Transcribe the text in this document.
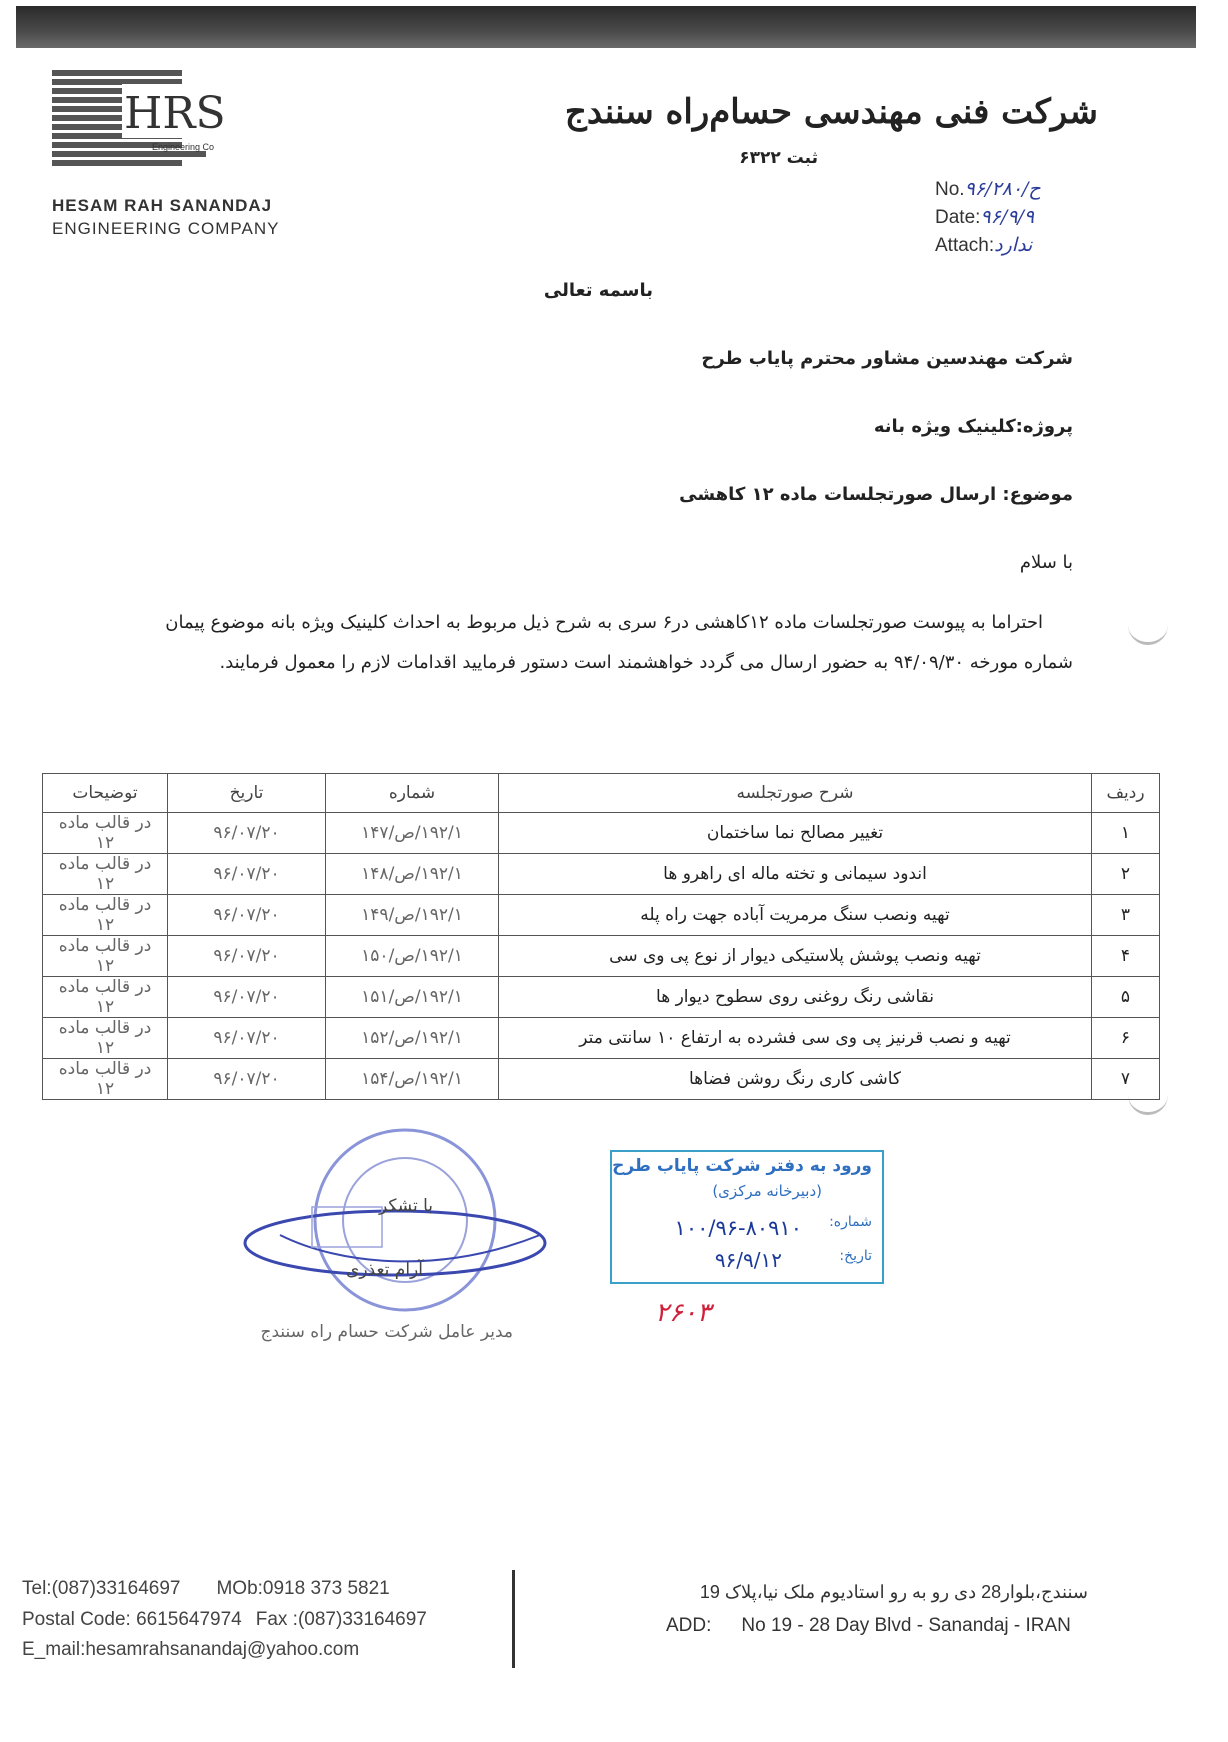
HRS
Engineering Co
HESAM RAH SANANDAJ
ENGINEERING COMPANY
شرکت فنی مهندسی حسام‌راه سنندج
ثبت ۶۳۲۲
No.۹۶/ح/۲۸۰
Date:۹۶/۹/۹
Attach:ندارد
باسمه تعالی
شرکت مهندسین مشاور محترم پایاب طرح
پروژه:کلینیک ویژه بانه
موضوع: ارسال صورتجلسات ماده ۱۲ کاهشی
با سلام
احتراما به پیوست صورتجلسات ماده ۱۲کاهشی در۶ سری به شرح ذیل مربوط به احداث کلینیک ویژه بانه موضوع پیمان
شماره مورخه ۹۴/۰۹/۳۰ به حضور ارسال می گردد خواهشمند است دستور فرمایید اقدامات لازم را معمول فرمایند.
ردیف	شرح صورتجلسه	شماره	تاریخ	توضیحات
۱	تغییر مصالح نما ساختمان	۱۹۲/۱/ص/۱۴۷	۹۶/۰۷/۲۰	در قالب ماده ۱۲
۲	اندود سیمانی و تخته ماله ای راهرو ها	۱۹۲/۱/ص/۱۴۸	۹۶/۰۷/۲۰	در قالب ماده ۱۲
۳	تهیه ونصب سنگ مرمریت آباده جهت راه پله	۱۹۲/۱/ص/۱۴۹	۹۶/۰۷/۲۰	در قالب ماده ۱۲
۴	تهیه ونصب پوشش پلاستیکی دیوار از نوع پی وی سی	۱۹۲/۱/ص/۱۵۰	۹۶/۰۷/۲۰	در قالب ماده ۱۲
۵	نقاشی رنگ روغنی روی سطوح دیوار ها	۱۹۲/۱/ص/۱۵۱	۹۶/۰۷/۲۰	در قالب ماده ۱۲
۶	تهیه و نصب قرنیز پی وی سی فشرده به ارتفاع ۱۰ سانتی متر	۱۹۲/۱/ص/۱۵۲	۹۶/۰۷/۲۰	در قالب ماده ۱۲
۷	کاشی کاری رنگ روشن فضاها	۱۹۲/۱/ص/۱۵۴	۹۶/۰۷/۲۰	در قالب ماده ۱۲
با تشکر
آرام تعذری
مدیر عامل شرکت حسام راه سنندج
ورود به دفتر شرکت پایاب طرح
(دبیرخانه مرکزی)
شماره:
۱۰۰/۹۶-۸۰۹۱۰
تاریخ:
۹۶/۹/۱۲
۲۶۰۳
Tel:(087)33164697 MOb:0918 373 5821
Postal Code: 6615647974 Fax :(087)33164697
E_mail:hesamrahsanandaj@yahoo.com
سنندج،بلوار28 دی رو به رو استادیوم ملک نیا،پلاک 19
ADD: No 19 - 28 Day Blvd - Sanandaj - IRAN
